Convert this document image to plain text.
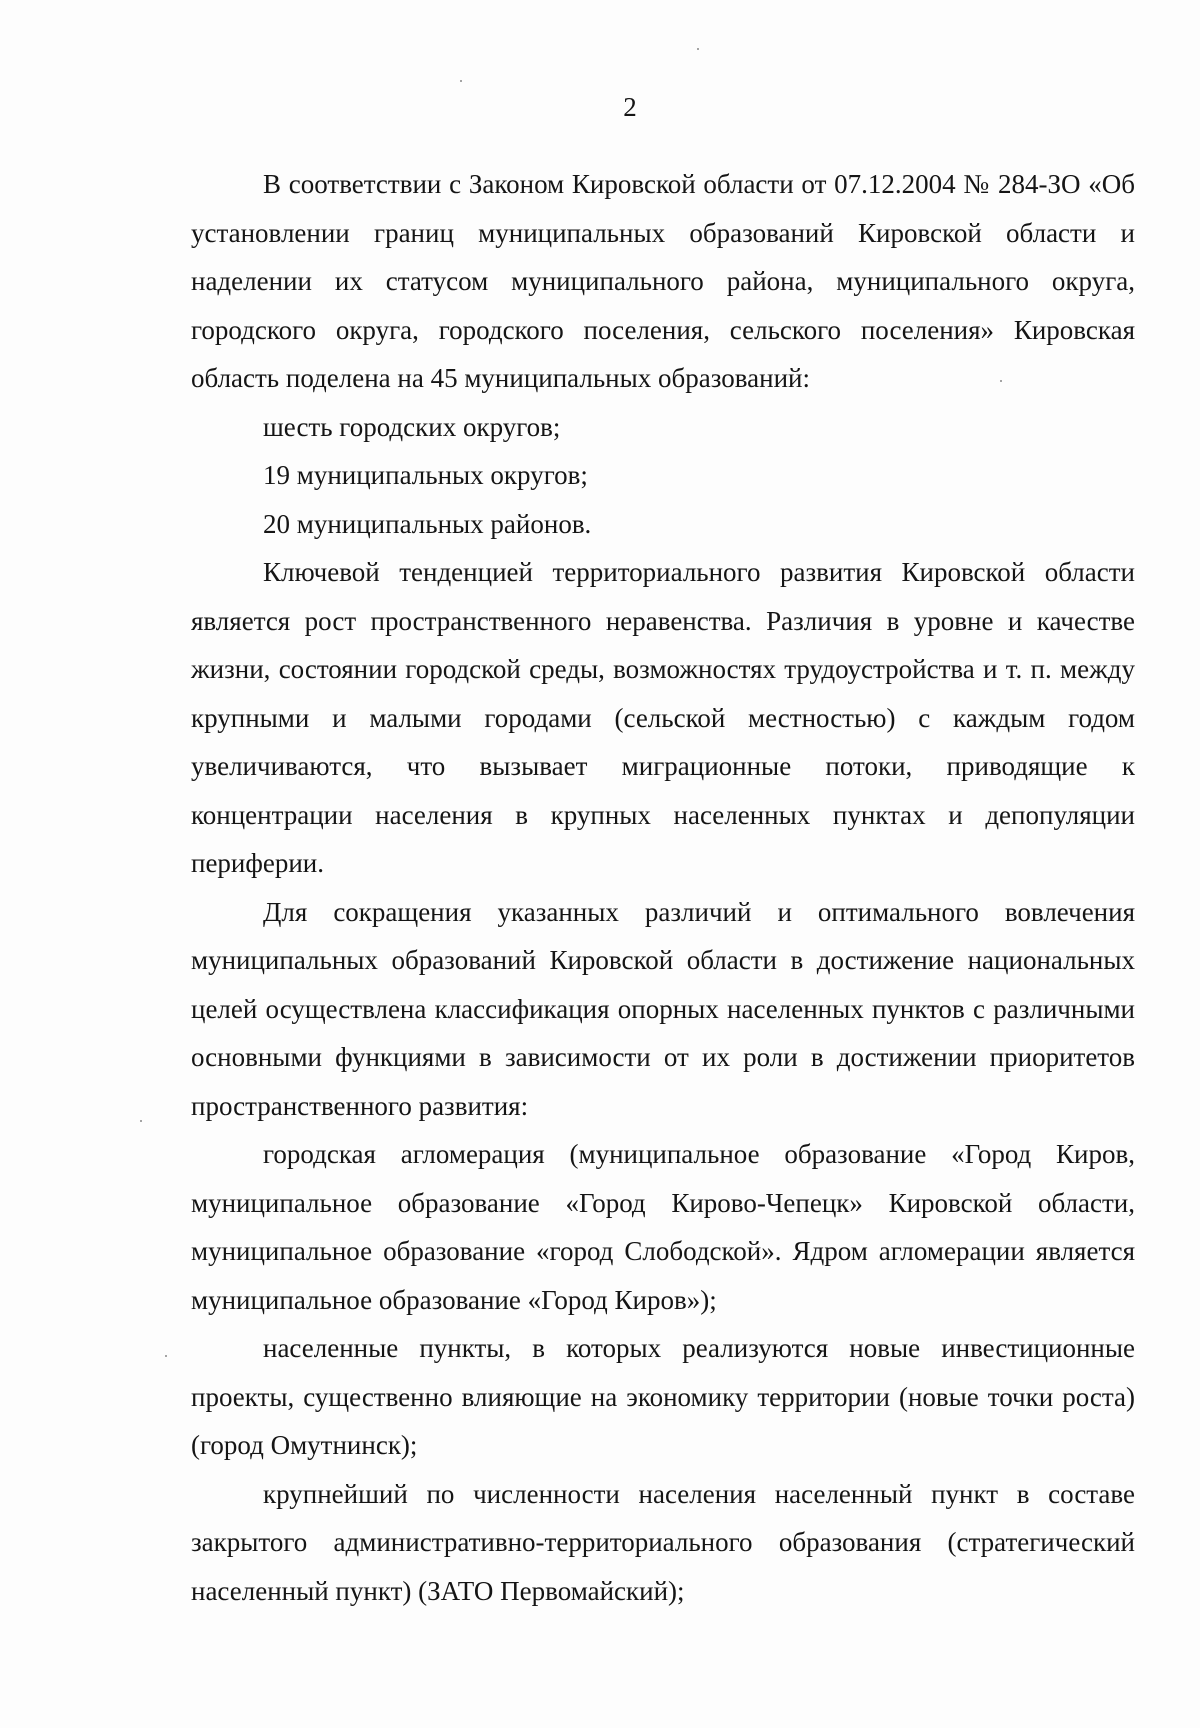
2

В соответствии с Законом Кировской области от 07.12.2004 № 284-ЗО «Об установлении границ муниципальных образований Кировской области и наделении их статусом муниципального района, муниципального округа, городского округа, городского поселения, сельского поселения» Кировская область поделена на 45 муниципальных образований:

шесть городских округов;

19 муниципальных округов;

20 муниципальных районов.

Ключевой тенденцией территориального развития Кировской области является рост пространственного неравенства. Различия в уровне и качестве жизни, состоянии городской среды, возможностях трудоустройства и т. п. между крупными и малыми городами (сельской местностью) с каждым годом увеличиваются, что вызывает миграционные потоки, приводящие к концентрации населения в крупных населенных пунктах и депопуляции периферии.

Для сокращения указанных различий и оптимального вовлечения муниципальных образований Кировской области в достижение национальных целей осуществлена классификация опорных населенных пунктов с различными основными функциями в зависимости от их роли в достижении приоритетов пространственного развития:

городская агломерация (муниципальное образование «Город Киров, муниципальное образование «Город Кирово-Чепецк» Кировской области, муниципальное образование «город Слободской». Ядром агломерации является муниципальное образование «Город Киров»);

населенные пункты, в которых реализуются новые инвестиционные проекты, существенно влияющие на экономику территории (новые точки роста) (город Омутнинск);

крупнейший по численности населения населенный пункт в составе закрытого административно-территориального образования (стратегический населенный пункт) (ЗАТО Первомайский);
